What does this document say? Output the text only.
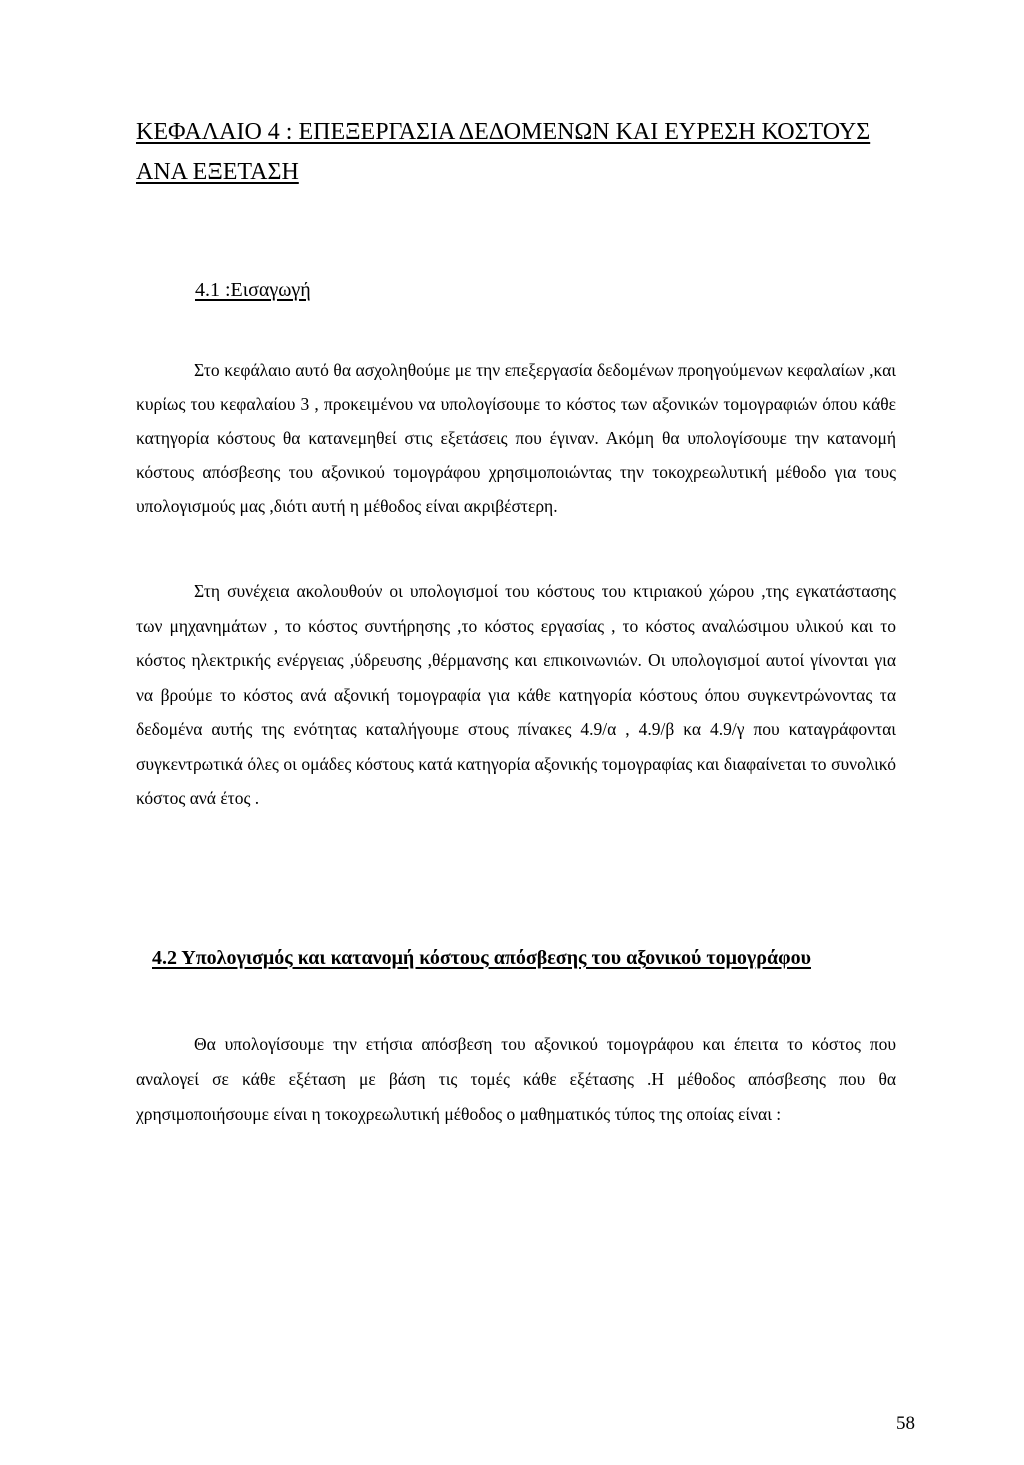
ΚΕΦΑΛΑΙΟ 4 : ΕΠΕΞΕΡΓΑΣΙΑ ΔΕΔΟΜΕΝΩΝ ΚΑΙ ΕΥΡΕΣΗ ΚΟΣΤΟΥΣ ΑΝΑ ΕΞΕΤΑΣΗ
4.1 :Εισαγωγή

Στο κεφάλαιο αυτό θα ασχοληθούμε με την επεξεργασία δεδομένων προηγούμενων κεφαλαίων ,και κυρίως του κεφαλαίου 3 , προκειμένου να υπολογίσουμε το κόστος των αξονικών τομογραφιών όπου κάθε κατηγορία κόστους θα κατανεμηθεί στις εξετάσεις που έγιναν. Ακόμη θα υπολογίσουμε την κατανομή κόστους απόσβεσης του αξονικού τομογράφου χρησιμοποιώντας την τοκοχρεωλυτική μέθοδο για τους υπολογισμούς μας ,διότι αυτή η μέθοδος είναι ακριβέστερη.

Στη συνέχεια ακολουθούν οι υπολογισμοί του κόστους του κτιριακού χώρου ,της εγκατάστασης των μηχανημάτων , το κόστος συντήρησης ,το κόστος εργασίας , το κόστος αναλώσιμου υλικού και το κόστος ηλεκτρικής ενέργειας ,ύδρευσης ,θέρμανσης και επικοινωνιών. Οι υπολογισμοί αυτοί γίνονται για να βρούμε το κόστος ανά αξονική τομογραφία για κάθε κατηγορία κόστους όπου συγκεντρώνοντας τα δεδομένα αυτής της ενότητας καταλήγουμε στους πίνακες 4.9/α , 4.9/β κα 4.9/γ που καταγράφονται συγκεντρωτικά όλες οι ομάδες κόστους κατά κατηγορία αξονικής τομογραφίας και διαφαίνεται το συνολικό κόστος ανά έτος .

4.2 Υπολογισμός και κατανομή κόστους απόσβεσης του αξονικού τομογράφου

Θα υπολογίσουμε την ετήσια απόσβεση του αξονικού τομογράφου και έπειτα το κόστος που αναλογεί σε κάθε εξέταση με βάση τις τομές κάθε εξέτασης .Η μέθοδος απόσβεσης που θα χρησιμοποιήσουμε είναι η τοκοχρεωλυτική μέθοδος ο μαθηματικός τύπος της οποίας είναι :

58
